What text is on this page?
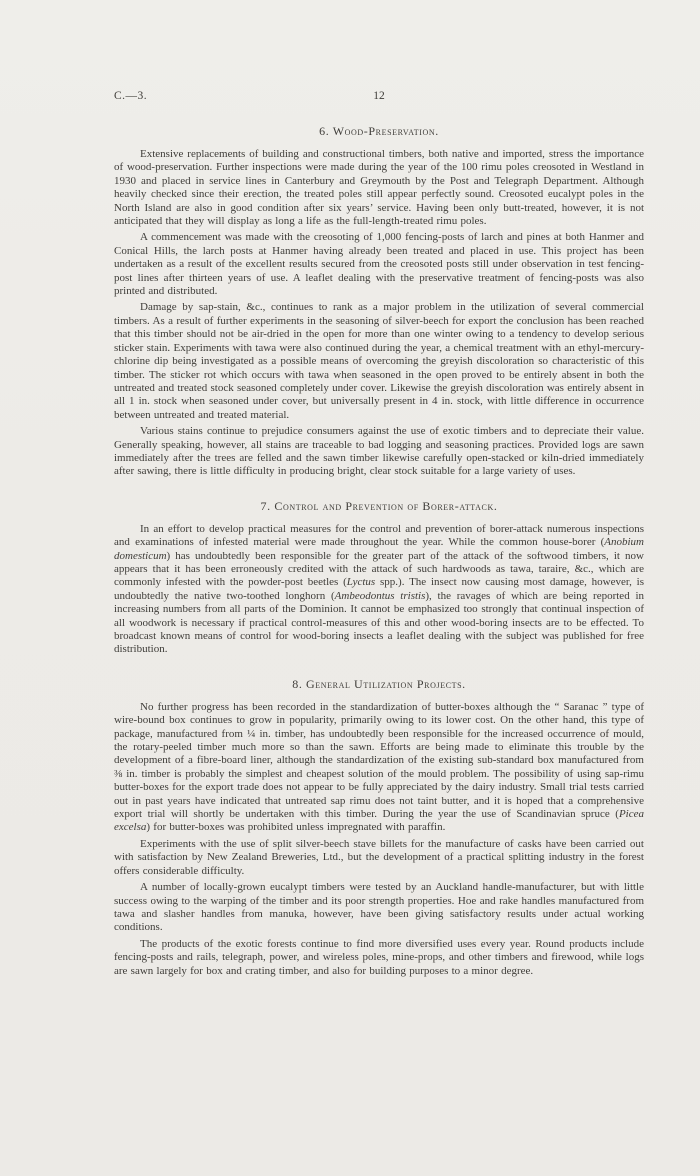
C.—3.	12
6. Wood-Preservation.

Extensive replacements of building and constructional timbers, both native and imported, stress the importance of wood-preservation. Further inspections were made during the year of the 100 rimu poles creosoted in Westland in 1930 and placed in service lines in Canterbury and Greymouth by the Post and Telegraph Department. Although heavily checked since their erection, the treated poles still appear perfectly sound. Creosoted eucalypt poles in the North Island are also in good condition after six years’ service. Having been only butt-treated, however, it is not anticipated that they will display as long a life as the full-length-treated rimu poles.

A commencement was made with the creosoting of 1,000 fencing-posts of larch and pines at both Hanmer and Conical Hills, the larch posts at Hanmer having already been treated and placed in use. This project has been undertaken as a result of the excellent results secured from the creosoted posts still under observation in test fencing-post lines after thirteen years of use. A leaflet dealing with the preservative treatment of fencing-posts was also printed and distributed.

Damage by sap-stain, &c., continues to rank as a major problem in the utilization of several commercial timbers. As a result of further experiments in the seasoning of silver-beech for export the conclusion has been reached that this timber should not be air-dried in the open for more than one winter owing to a tendency to develop serious sticker stain. Experiments with tawa were also continued during the year, a chemical treatment with an ethyl-mercury-chlorine dip being investigated as a possible means of overcoming the greyish discoloration so characteristic of this timber. The sticker rot which occurs with tawa when seasoned in the open proved to be entirely absent in both the untreated and treated stock seasoned completely under cover. Likewise the greyish discoloration was entirely absent in all 1 in. stock when seasoned under cover, but universally present in 4 in. stock, with little difference in occurrence between untreated and treated material.

Various stains continue to prejudice consumers against the use of exotic timbers and to depreciate their value. Generally speaking, however, all stains are traceable to bad logging and seasoning practices. Provided logs are sawn immediately after the trees are felled and the sawn timber likewise carefully open-stacked or kiln-dried immediately after sawing, there is little difficulty in producing bright, clear stock suitable for a large variety of uses.

7. Control and Prevention of Borer-attack.

In an effort to develop practical measures for the control and prevention of borer-attack numerous inspections and examinations of infested material were made throughout the year. While the common house-borer (Anobium domesticum) has undoubtedly been responsible for the greater part of the attack of the softwood timbers, it now appears that it has been erroneously credited with the attack of such hardwoods as tawa, taraire, &c., which are commonly infested with the powder-post beetles (Lyctus spp.). The insect now causing most damage, however, is undoubtedly the native two-toothed longhorn (Ambeodontus tristis), the ravages of which are being reported in increasing numbers from all parts of the Dominion. It cannot be emphasized too strongly that continual inspection of all woodwork is necessary if practical control-measures of this and other wood-boring insects are to be effected. To broadcast known means of control for wood-boring insects a leaflet dealing with the subject was published for free distribution.

8. General Utilization Projects.

No further progress has been recorded in the standardization of butter-boxes although the “ Saranac ” type of wire-bound box continues to grow in popularity, primarily owing to its lower cost. On the other hand, this type of package, manufactured from ¼ in. timber, has undoubtedly been responsible for the increased occurrence of mould, the rotary-peeled timber much more so than the sawn. Efforts are being made to eliminate this trouble by the development of a fibre-board liner, although the standardization of the existing sub-standard box manufactured from ⅜ in. timber is probably the simplest and cheapest solution of the mould problem. The possibility of using sap-rimu butter-boxes for the export trade does not appear to be fully appreciated by the dairy industry. Small trial tests carried out in past years have indicated that untreated sap rimu does not taint butter, and it is hoped that a comprehensive export trial will shortly be undertaken with this timber. During the year the use of Scandinavian spruce (Picea excelsa) for butter-boxes was prohibited unless impregnated with paraffin.

Experiments with the use of split silver-beech stave billets for the manufacture of casks have been carried out with satisfaction by New Zealand Breweries, Ltd., but the development of a practical splitting industry in the forest offers considerable difficulty.

A number of locally-grown eucalypt timbers were tested by an Auckland handle-manufacturer, but with little success owing to the warping of the timber and its poor strength properties. Hoe and rake handles manufactured from tawa and slasher handles from manuka, however, have been giving satisfactory results under actual working conditions.

The products of the exotic forests continue to find more diversified uses every year. Round products include fencing-posts and rails, telegraph, power, and wireless poles, mine-props, and other timbers and firewood, while logs are sawn largely for box and crating timber, and also for building purposes to a minor degree.
